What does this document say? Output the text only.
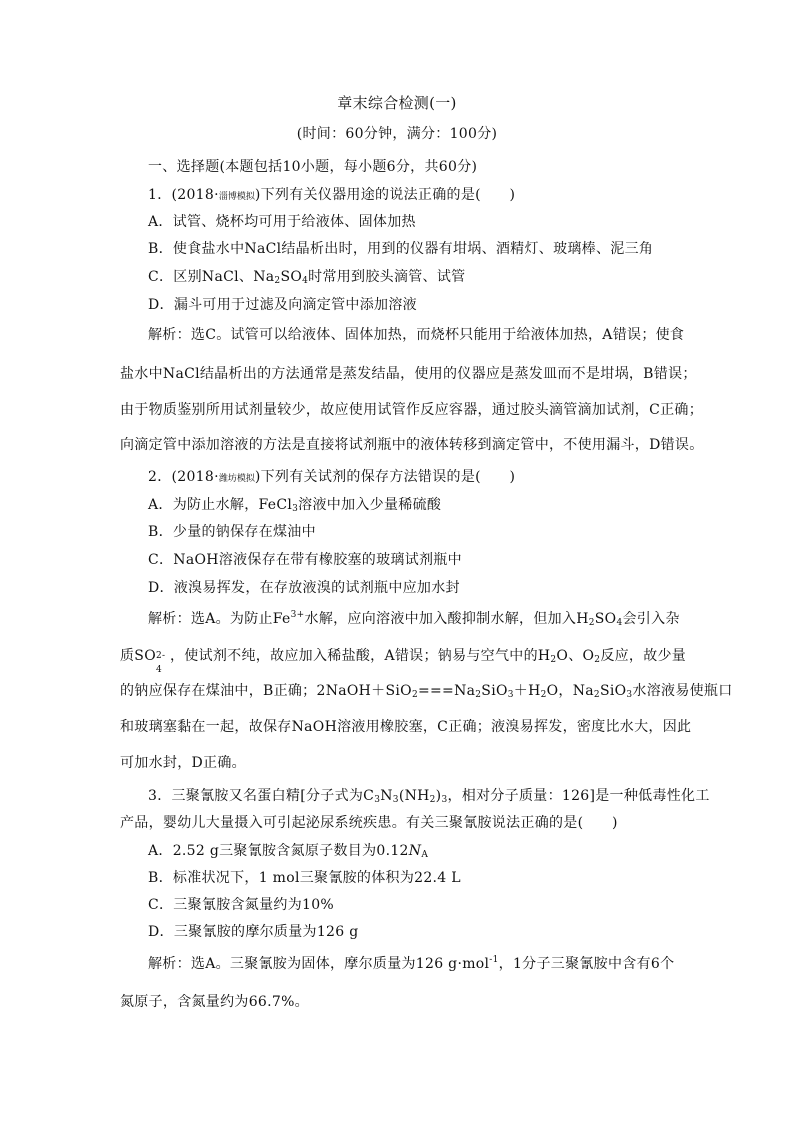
章末综合检测(一)
(时间：60分钟，满分：100分)
一、选择题(本题包括10小题，每小题6分，共60分)
1．(2018·淄博模拟)下列有关仪器用途的说法正确的是(　　)
A．试管、烧杯均可用于给液体、固体加热
B．使食盐水中NaCl结晶析出时，用到的仪器有坩埚、酒精灯、玻璃棒、泥三角
C．区别NaCl、$Na_2SO_4$时常用到胶头滴管、试管
D．漏斗可用于过滤及向滴定管中添加溶液
解析：选C。试管可以给液体、固体加热，而烧杯只能用于给液体加热，A错误；使食
盐水中NaCl结晶析出的方法通常是蒸发结晶，使用的仪器应是蒸发皿而不是坩埚，B错误；
由于物质鉴别所用试剂量较少，故应使用试管作反应容器，通过胶头滴管滴加试剂，C正确；
向滴定管中添加溶液的方法是直接将试剂瓶中的液体转移到滴定管中，不使用漏斗，D错误。
2．(2018·潍坊模拟)下列有关试剂的保存方法错误的是(　　)
A．为防止水解，FeCl$_3$溶液中加入少量稀硫酸
B．少量的钠保存在煤油中
C．NaOH溶液保存在带有橡胶塞的玻璃试剂瓶中
D．液溴易挥发，在存放液溴的试剂瓶中应加水封
解析：选A。为防止$Fe^{3+}$水解，应向溶液中加入酸抑制水解，但加入$H_2SO_4$会引入杂
质SO 2-
4
，使试剂不纯，故应加入稀盐酸，A错误；钠易与空气中的$H_2O$、$O_2$反应，故少量
的钠应保存在煤油中，B正确；$2NaOH+SiO_2===Na_2SiO_3+H_2O$，$Na_2SiO_3$水溶液易使瓶口
和玻璃塞黏在一起，故保存NaOH溶液用橡胶塞，C正确；液溴易挥发，密度比水大，因此
可加水封，D正确。
3．三聚氰胺又名蛋白精[分子式为$C_3N_3(NH_2)_3$，相对分子质量：126]是一种低毒性化工
产品，婴幼儿大量摄入可引起泌尿系统疾患。有关三聚氰胺说法正确的是(　　)
A．2.52 g三聚氰胺含氮原子数目为$0.12N_A$
B．标准状况下，1 mol三聚氰胺的体积为22.4 L
C．三聚氰胺含氮量约为10%
D．三聚氰胺的摩尔质量为126 g
解析：选A。三聚氰胺为固体，摩尔质量为126 g·mol$^{-1}$，1分子三聚氰胺中含有6个
氮原子，含氮量约为66.7%。
